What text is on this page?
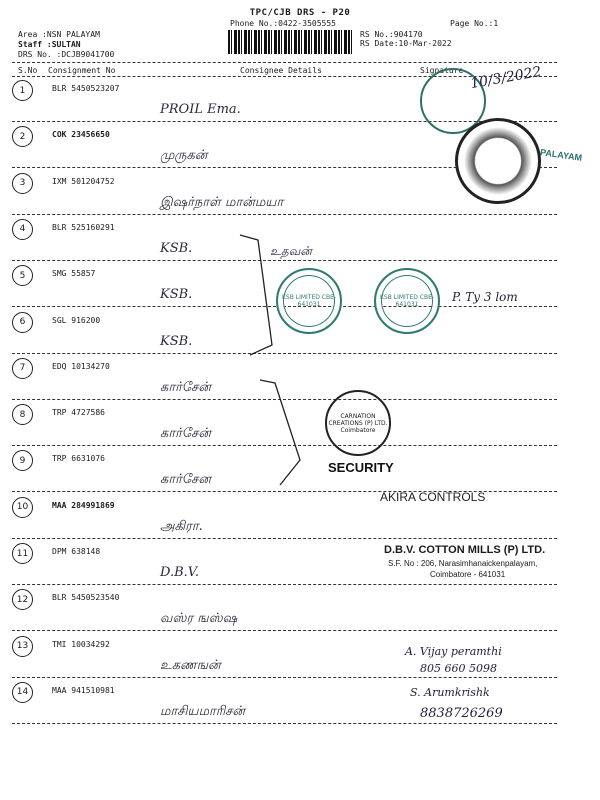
TPC/CJB DRS - P20
Phone No.:0422-3505555	Page No.:1
Area :NSN PALAYAM
Staff :SULTAN
DRS No. :DCJB9041700
RS No.:904170
RS Date:10-Mar-2022
S.No Consignment No	Consignee Details	Signature
1	BLR 5450523207
PROIL Ema.
2	COK 23456650
முருகன்
3	IXM 501204752
இஷர்நாள் மான்மயா
4	BLR 525160291
KSB.
5	SMG 55857
KSB.
6	SGL 916200
KSB.
7	EDQ 10134270
கார்சேன்
8	TRP 4727586
கார்சேன்
9	TRP 6631076
கார்சேன
10	MAA 284991869
அகிரா.
11	DPM 638148
D.B.V.
12	BLR 5450523540
வஸ்ர ஙஸ்ஷ
13	TMI 10034292
உகணஙன்
14	MAA 941510981
மாசியமாரிசன்
10/3/2022
PALAYAM
KSB LIMITED CBE-641031
KSB LIMITED CBE-641031
உதவன்
P. Ty 3 lom
CARNATION CREATIONS (P) LTD. Coimbatore
SECURITY
AKIRA CONTROLS
D.B.V. COTTON MILLS (P) LTD.
S.F. No : 206, Narasimhanaickenpalayam,
Coimbatore - 641031
A. Vijay peramthi
805 660 5098
S. Arumkrishk
8838726269
